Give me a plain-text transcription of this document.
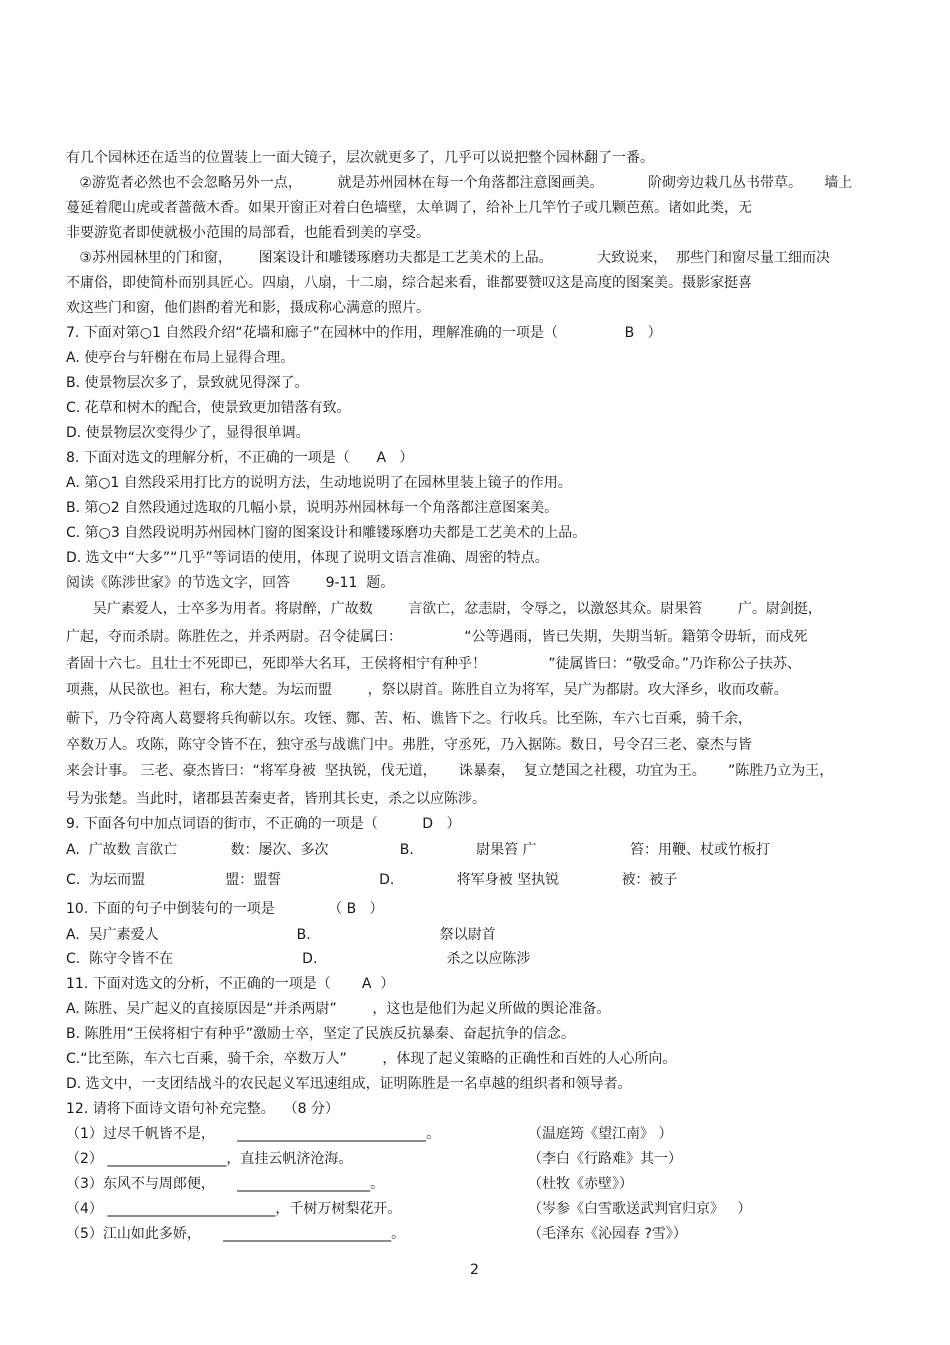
有几个园林还在适当的位置装上一面大镜子，层次就更多了，几乎可以说把整个园林翻了一番。
②游览者必然也不会忽略另外一点，        就是苏州园林在每一个角落都注意图画美。          阶砌旁边栽几丛书带草。     墙上
蔓延着爬山虎或者蔷薇木香。如果开窗正对着白色墙壁，太单调了，给补上几竿竹子或几颗芭蕉。诸如此类，无
非要游览者即使就极小范围的局部看，也能看到美的享受。
③苏州园林里的门和窗，      图案设计和雕镂琢磨功夫都是工艺美术的上品。          大致说来，  那些门和窗尽量工细而决
不庸俗，即使简朴而别具匠心。四扇，八扇，十二扇，综合起来看，谁都要赞叹这是高度的图案美。摄影家挺喜
欢这些门和窗，他们斟酌着光和影，摄成称心满意的照片。
7. 下面对第○1 自然段介绍“花墙和廊子”在园林中的作用，理解准确的一项是（               B   ）
A. 使亭台与轩榭在布局上显得合理。
B. 使景物层次多了，景致就见得深了。
C. 花草和树木的配合，使景致更加错落有致。
D. 使景物层次变得少了，显得很单调。
8. 下面对选文的理解分析，不正确的一项是（      A   ）
A. 第○1 自然段采用打比方的说明方法，生动地说明了在园林里装上镜子的作用。
B. 第○2 自然段通过选取的几幅小景，说明苏州园林每一个角落都注意图案美。
C. 第○3 自然段说明苏州园林门窗的图案设计和雕镂琢磨功夫都是工艺美术的上品。
D. 选文中“大多”“几乎”等词语的使用，体现了说明文语言准确、周密的特点。
阅读《陈涉世家》的节选文字，回答        9-11  题。
吴广素爱人，士卒多为用者。将尉醉，广故数        言欲亡，忿恚尉，令辱之，以激怒其众。尉果笞        广。尉剑挺，
广起，夺而杀尉。陈胜佐之，并杀两尉。召令徒属曰：              “公等遇雨，皆已失期，失期当斩。籍第令毋斩，而戍死
者固十六七。且壮士不死即已，死即举大名耳，王侯将相宁有种乎！              ”徒属皆曰：“敬受命。”乃诈称公子扶苏、
项燕，从民欲也。袒右，称大楚。为坛而盟        ，祭以尉首。陈胜自立为将军，吴广为都尉。攻大泽乡，收而攻蕲。
蕲下，乃令符离人葛婴将兵徇蕲以东。攻铚、酂、苦、柘、谯皆下之。行收兵。比至陈，车六七百乘，骑千余，
卒数万人。攻陈，陈守令皆不在，独守丞与战谯门中。弗胜，守丞死，乃入据陈。数日，号令召三老、豪杰与皆
来会计事。 三老、豪杰皆曰：“将军身被  坚执锐，伐无道，     诛暴秦，  复立楚国之社稷，功宜为王。     ”陈胜乃立为王，
号为张楚。当此时，诸郡县苦秦吏者，皆刑其长吏，杀之以应陈涉。
9. 下面各句中加点词语的街市，不正确的一项是（          D   ）
A.  广故数 言欲亡            数：屡次、多次                B.              尉果笞 广                     笞：用鞭、杖或竹板打
C.  为坛而盟                  盟：盟誓                      D.              将军身被 坚执锐              被：被子
10. 下面的句子中倒装句的一项是            （ B   ）
A.  吴广素爱人                               B.                             祭以尉首
C.  陈守令皆不在                             D.                             杀之以应陈涉
11. 下面对选文的分析，不正确的一项是（       A  ）
A. 陈胜、吴广起义的直接原因是“并杀两尉”        ，这也是他们为起义所做的舆论准备。
B. 陈胜用“王侯将相宁有种乎”激励士卒，坚定了民族反抗暴秦、奋起抗争的信念。
C.“比至陈，车六七百乘，骑千余，卒数万人”        ，体现了起义策略的正确性和百姓的人心所向。
D. 选文中，一支团结战斗的农民起义军迅速组成，证明陈胜是一名卓越的组织者和领导者。
12. 请将下面诗文语句补充完整。  （8 分）
（1）过尽千帆皆不是，     ___________________________。	（温庭筠《望江南》 ）
（2） _________________，直挂云帆济沧海。	（李白《行路难》其一）
（3）东风不与周郎便，     ___________________。	（杜牧《赤壁》）
（4） ________________________，千树万树梨花开。	（岑参《白雪歌送武判官归京》   ）
（5）江山如此多娇，     ________________________。	（毛泽东《沁园春 ?雪》）
2
